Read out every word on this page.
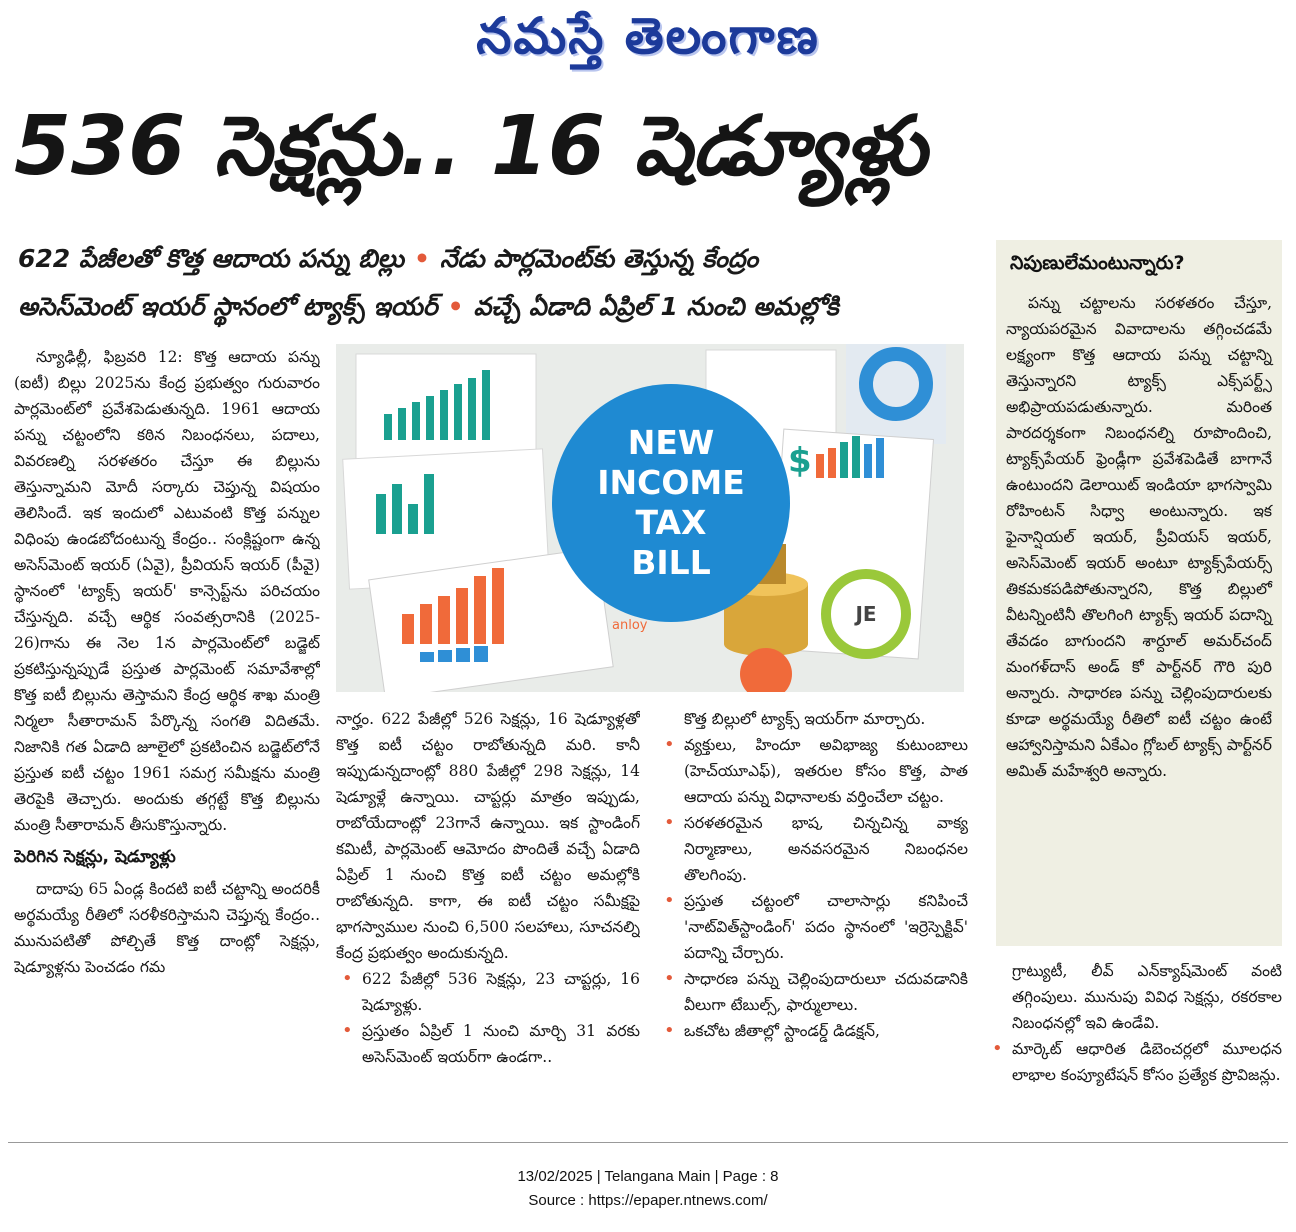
నమస్తే తెలంగాణ
536 సెక్షన్లు.. 16 షెడ్యూళ్లు
622 పేజీలతో కొత్త ఆదాయ పన్ను బిల్లు • నేడు పార్లమెంట్‌కు తెస్తున్న కేంద్రం
అసెస్‌మెంట్ ఇయర్ స్థానంలో ట్యాక్స్ ఇయర్ • వచ్చే ఏడాది ఏప్రిల్ 1 నుంచి అమల్లోకి

న్యూఢిల్లీ, ఫిబ్రవరి 12: కొత్త ఆదాయ పన్ను (ఐటీ) బిల్లు 2025ను కేంద్ర ప్రభుత్వం గురువారం పార్లమెంట్‌లో ప్రవేశపెడుతున్నది. 1961 ఆదాయ పన్ను చట్టంలోని కఠిన నిబంధనలు, పదాలు, వివరణల్ని సరళతరం చేస్తూ ఈ బిల్లును తెస్తున్నామని మోదీ సర్కారు చెప్తున్న విషయం తెలిసిందే. ఇక ఇందులో ఎటువంటి కొత్త పన్నుల విధింపు ఉండబోదంటున్న కేంద్రం.. సంక్లిష్టంగా ఉన్న అసెస్‌మెంట్ ఇయర్ (ఏవై), ప్రీవియస్ ఇయర్ (పీవై) స్థానంలో 'ట్యాక్స్ ఇయర్' కాన్సెప్ట్‌ను పరిచయం చేస్తున్నది. వచ్చే ఆర్థిక సంవత్సరానికి (2025-26)గాను ఈ నెల 1న పార్లమెంట్‌లో బడ్జెట్ ప్రకటిస్తున్నప్పుడే ప్రస్తుత పార్లమెంట్ సమావేశాల్లో కొత్త ఐటీ బిల్లును తెస్తామని కేంద్ర ఆర్థిక శాఖ మంత్రి నిర్మలా సీతారామన్ పేర్కొన్న సంగతి విదితమే. నిజానికి గత ఏడాది జూలైలో ప్రకటించిన బడ్జెట్‌లోనే ప్రస్తుత ఐటీ చట్టం 1961 సమగ్ర సమీక్షను మంత్రి తెరపైకి తెచ్చారు. అందుకు తగ్గట్టే కొత్త బిల్లును మంత్రి సీతారామన్ తీసుకొస్తున్నారు.

పెరిగిన సెక్షన్లు, షెడ్యూళ్లు

దాదాపు 65 ఏండ్ల కిందటి ఐటీ చట్టాన్ని అందరికీ అర్థమయ్యే రీతిలో సరళీకరిస్తామని చెప్తున్న కేంద్రం.. మునుపటితో పోల్చితే కొత్త దాంట్లో సెక్షన్లు, షెడ్యూళ్లను పెంచడం గమ

$
anloy	JE
NEW
INCOME
TAX
BILL

నార్హం. 622 పేజీల్లో 526 సెక్షన్లు, 16 షెడ్యూళ్లతో కొత్త ఐటీ చట్టం రాబోతున్నది మరి. కానీ ఇప్పుడున్నదాంట్లో 880 పేజీల్లో 298 సెక్షన్లు, 14 షెడ్యూళ్లే ఉన్నాయి. చాప్టర్లు మాత్రం ఇప్పుడు, రాబోయేదాంట్లో 23గానే ఉన్నాయి. ఇక స్టాండింగ్ కమిటీ, పార్లమెంట్ ఆమోదం పొందితే వచ్చే ఏడాది ఏప్రిల్ 1 నుంచి కొత్త ఐటీ చట్టం అమల్లోకి రాబోతున్నది. కాగా, ఈ ఐటీ చట్టం సమీక్షపై భాగస్వాముల నుంచి 6,500 సలహాలు, సూచనల్ని కేంద్ర ప్రభుత్వం అందుకున్నది.

• 622 పేజీల్లో 536 సెక్షన్లు, 23 చాప్టర్లు, 16 షెడ్యూళ్లు.
• ప్రస్తుతం ఏప్రిల్ 1 నుంచి మార్చి 31 వరకు అసెస్‌మెంట్ ఇయర్‌గా ఉండగా..

కొత్త బిల్లులో ట్యాక్స్ ఇయర్‌గా మార్చారు.

• వ్యక్తులు, హిందూ అవిభాజ్య కుటుంబాలు (హెచ్‌యూఎఫ్), ఇతరుల కోసం కొత్త, పాత ఆదాయ పన్ను విధానాలకు వర్తించేలా చట్టం.
• సరళతరమైన భాష, చిన్నచిన్న వాక్య నిర్మాణాలు, అనవసరమైన నిబంధనల తొలగింపు.
• ప్రస్తుత చట్టంలో చాలాసార్లు కనిపించే 'నాట్‌విత్‌స్టాండింగ్' పదం స్థానంలో 'ఇర్రెస్పెక్టివ్' పదాన్ని చేర్చారు.
• సాధారణ పన్ను చెల్లింపుదారులూ చదువడానికి వీలుగా టేబుల్స్, ఫార్ములాలు.
• ఒకచోట జీతాల్లో స్టాండర్డ్ డిడక్షన్,
నిపుణులేమంటున్నారు?

పన్ను చట్టాలను సరళతరం చేస్తూ, న్యాయపరమైన వివాదాలను తగ్గించడమే లక్ష్యంగా కొత్త ఆదాయ పన్ను చట్టాన్ని తెస్తున్నారని ట్యాక్స్ ఎక్స్‌పర్ట్స్ అభిప్రాయపడుతున్నారు. మరింత పారదర్శకంగా నిబంధనల్ని రూపొందించి, ట్యాక్స్‌పేయర్ ఫ్రెండ్లీగా ప్రవేశపెడితే బాగానే ఉంటుందని డెలాయిట్ ఇండియా భాగస్వామి రోహింటన్ సిధ్వా అంటున్నారు. ఇక ఫైనాన్షియల్ ఇయర్, ప్రీవియస్ ఇయర్, అసెస్‌మెంట్ ఇయర్ అంటూ ట్యాక్స్‌పేయర్స్ తికమకపడిపోతున్నారని, కొత్త బిల్లులో వీటన్నింటినీ తొలగింగి ట్యాక్స్ ఇయర్ పదాన్ని తేవడం బాగుందని శార్దూల్ అమర్‌చంద్ మంగళ్‌దాస్ అండ్ కో పార్ట్‌నర్ గౌరి పురి అన్నారు. సాధారణ పన్ను చెల్లింపుదారులకు కూడా అర్థమయ్యే రీతిలో ఐటీ చట్టం ఉంటే ఆహ్వానిస్తామని ఏకేఎం గ్లోబల్ ట్యాక్స్ పార్ట్‌నర్ అమిత్ మహేశ్వరి అన్నారు.

గ్రాట్యుటీ, లీవ్ ఎన్‌క్యాష్‌మెంట్ వంటి తగ్గింపులు. మునుపు వివిధ సెక్షన్లు, రకరకాల నిబంధనల్లో ఇవి ఉండేవి.

• మార్కెట్ ఆధారిత డిబెంచర్లలో మూలధన లాభాల కంప్యూటేషన్ కోసం ప్రత్యేక ప్రొవిజన్లు.
13/02/2025 | Telangana Main | Page : 8
Source : https://epaper.ntnews.com/
